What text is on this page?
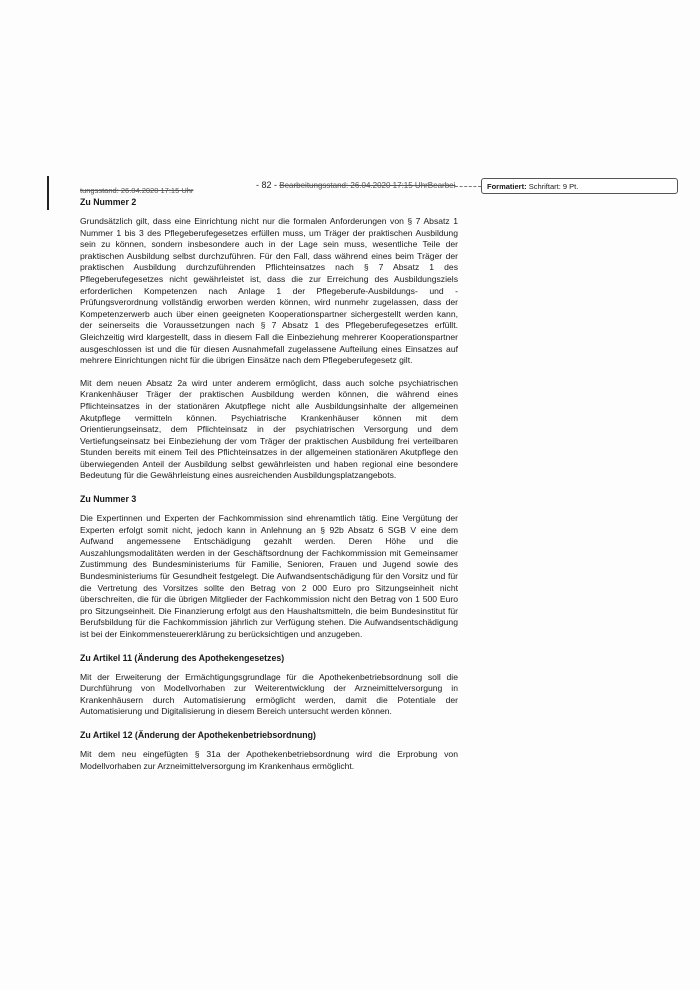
tungsstand: 26.04.2020 17:15 Uhr
- 82 - Bearbeitungsstand: 26.04.2020 17:15 UhrBearbei	Formatiert: Schriftart: 9 Pt.
Zu Nummer 2

Grundsätzlich gilt, dass eine Einrichtung nicht nur die formalen Anforderungen von § 7 Absatz 1 Nummer 1 bis 3 des Pflegeberufegesetzes erfüllen muss, um Träger der praktischen Ausbildung sein zu können, sondern insbesondere auch in der Lage sein muss, wesentliche Teile der praktischen Ausbildung selbst durchzuführen. Für den Fall, dass während eines beim Träger der praktischen Ausbildung durchzuführenden Pflichteinsatzes nach § 7 Absatz 1 des Pflegeberufegesetzes nicht gewährleistet ist, dass die zur Erreichung des Ausbildungsziels erforderlichen Kompetenzen nach Anlage 1 der Pflegeberufe-Ausbildungs- und -Prüfungsverordnung vollständig erworben werden können, wird nunmehr zugelassen, dass der Kompetenzerwerb auch über einen geeigneten Kooperationspartner sichergestellt werden kann, der seinerseits die Voraussetzungen nach § 7 Absatz 1 des Pflegeberufegesetzes erfüllt. Gleichzeitig wird klargestellt, dass in diesem Fall die Einbeziehung mehrerer Kooperationspartner ausgeschlossen ist und die für diesen Ausnahmefall zugelassene Aufteilung eines Einsatzes auf mehrere Einrichtungen nicht für die übrigen Einsätze nach dem Pflegeberufegesetz gilt.

Mit dem neuen Absatz 2a wird unter anderem ermöglicht, dass auch solche psychiatrischen Krankenhäuser Träger der praktischen Ausbildung werden können, die während eines Pflichteinsatzes in der stationären Akutpflege nicht alle Ausbildungsinhalte der allgemeinen Akutpflege vermitteln können. Psychiatrische Krankenhäuser können mit dem Orientierungseinsatz, dem Pflichteinsatz in der psychiatrischen Versorgung und dem Vertiefungseinsatz bei Einbeziehung der vom Träger der praktischen Ausbildung frei verteilbaren Stunden bereits mit einem Teil des Pflichteinsatzes in der allgemeinen stationären Akutpflege den überwiegenden Anteil der Ausbildung selbst gewährleisten und haben regional eine besondere Bedeutung für die Gewährleistung eines ausreichenden Ausbildungsplatzangebots.

Zu Nummer 3

Die Expertinnen und Experten der Fachkommission sind ehrenamtlich tätig. Eine Vergütung der Experten erfolgt somit nicht, jedoch kann in Anlehnung an § 92b Absatz 6 SGB V eine dem Aufwand angemessene Entschädigung gezahlt werden. Deren Höhe und die Auszahlungsmodalitäten werden in der Geschäftsordnung der Fachkommission mit Gemeinsamer Zustimmung des Bundesministeriums für Familie, Senioren, Frauen und Jugend sowie des Bundesministeriums für Gesundheit festgelegt. Die Aufwandsentschädigung für den Vorsitz und für die Vertretung des Vorsitzes sollte den Betrag von 2 000 Euro pro Sitzungseinheit nicht überschreiten, die für die übrigen Mitglieder der Fachkommission nicht den Betrag von 1 500 Euro pro Sitzungseinheit. Die Finanzierung erfolgt aus den Haushaltsmitteln, die beim Bundesinstitut für Berufsbildung für die Fachkommission jährlich zur Verfügung stehen. Die Aufwandsentschädigung ist bei der Einkommensteuererklärung zu berücksichtigen und anzugeben.

Zu Artikel 11 (Änderung des Apothekengesetzes)

Mit der Erweiterung der Ermächtigungsgrundlage für die Apothekenbetriebsordnung soll die Durchführung von Modellvorhaben zur Weiterentwicklung der Arzneimittelversorgung in Krankenhäusern durch Automatisierung ermöglicht werden, damit die Potentiale der Automatisierung und Digitalisierung in diesem Bereich untersucht werden können.

Zu Artikel 12 (Änderung der Apothekenbetriebsordnung)

Mit dem neu eingefügten § 31a der Apothekenbetriebsordnung wird die Erprobung von Modellvorhaben zur Arzneimittelversorgung im Krankenhaus ermöglicht.
